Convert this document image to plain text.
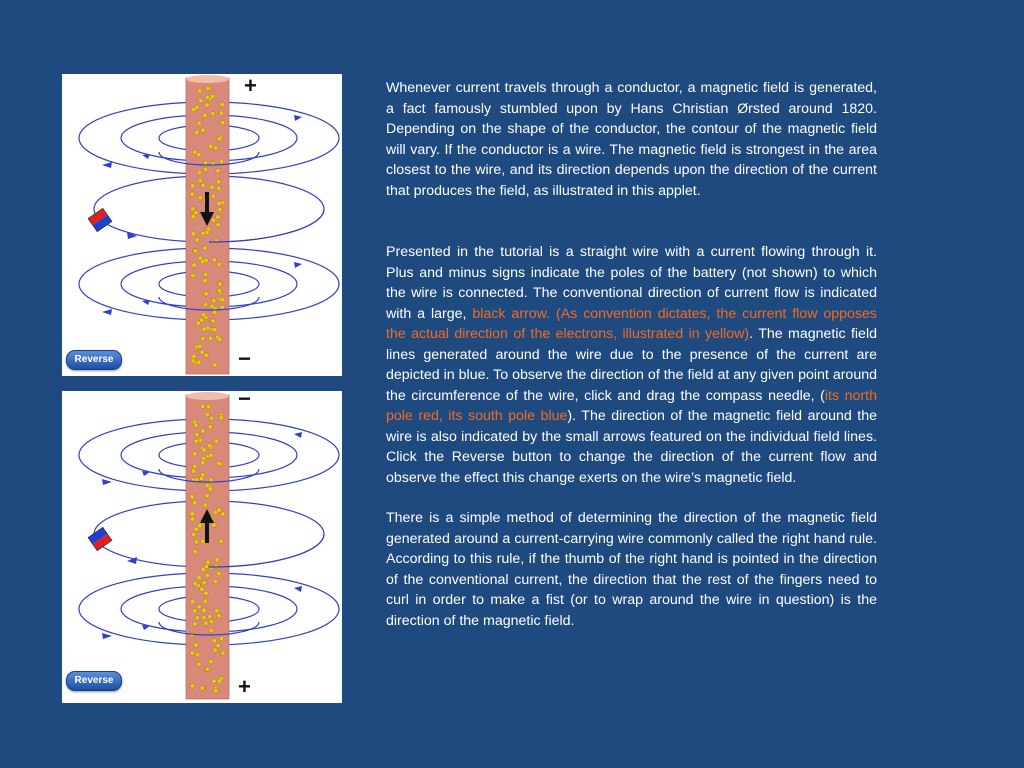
+
−
Reverse
−
+
Reverse

Whenever current travels through a conductor, a magnetic field is generated, a fact famously stumbled upon by Hans Christian Ørsted around 1820. Depending on the shape of the conductor, the contour of the magnetic field will vary. If the conductor is a wire. The magnetic field is strongest in the area closest to the wire, and its direction depends upon the direction of the current that produces the field, as illustrated in this applet.

Presented in the tutorial is a straight wire with a current flowing through it. Plus and minus signs indicate the poles of the battery (not shown) to which the wire is connected. The conventional direction of current flow is indicated with a large, black arrow. (As convention dictates, the current flow opposes the actual direction of the electrons, illustrated in yellow). The magnetic field lines generated around the wire due to the presence of the current are depicted in blue. To observe the direction of the field at any given point around the circumference of the wire, click and drag the compass needle, (its north pole red, its south pole blue). The direction of the magnetic field around the wire is also indicated by the small arrows featured on the individual field lines. Click the Reverse button to change the direction of the current flow and observe the effect this change exerts on the wire’s magnetic field.

There is a simple method of determining the direction of the magnetic field generated around a current-carrying wire commonly called the right hand rule. According to this rule, if the thumb of the right hand is pointed in the direction of the conventional current, the direction that the rest of the fingers need to curl in order to make a fist (or to wrap around the wire in question) is the direction of the magnetic field.
